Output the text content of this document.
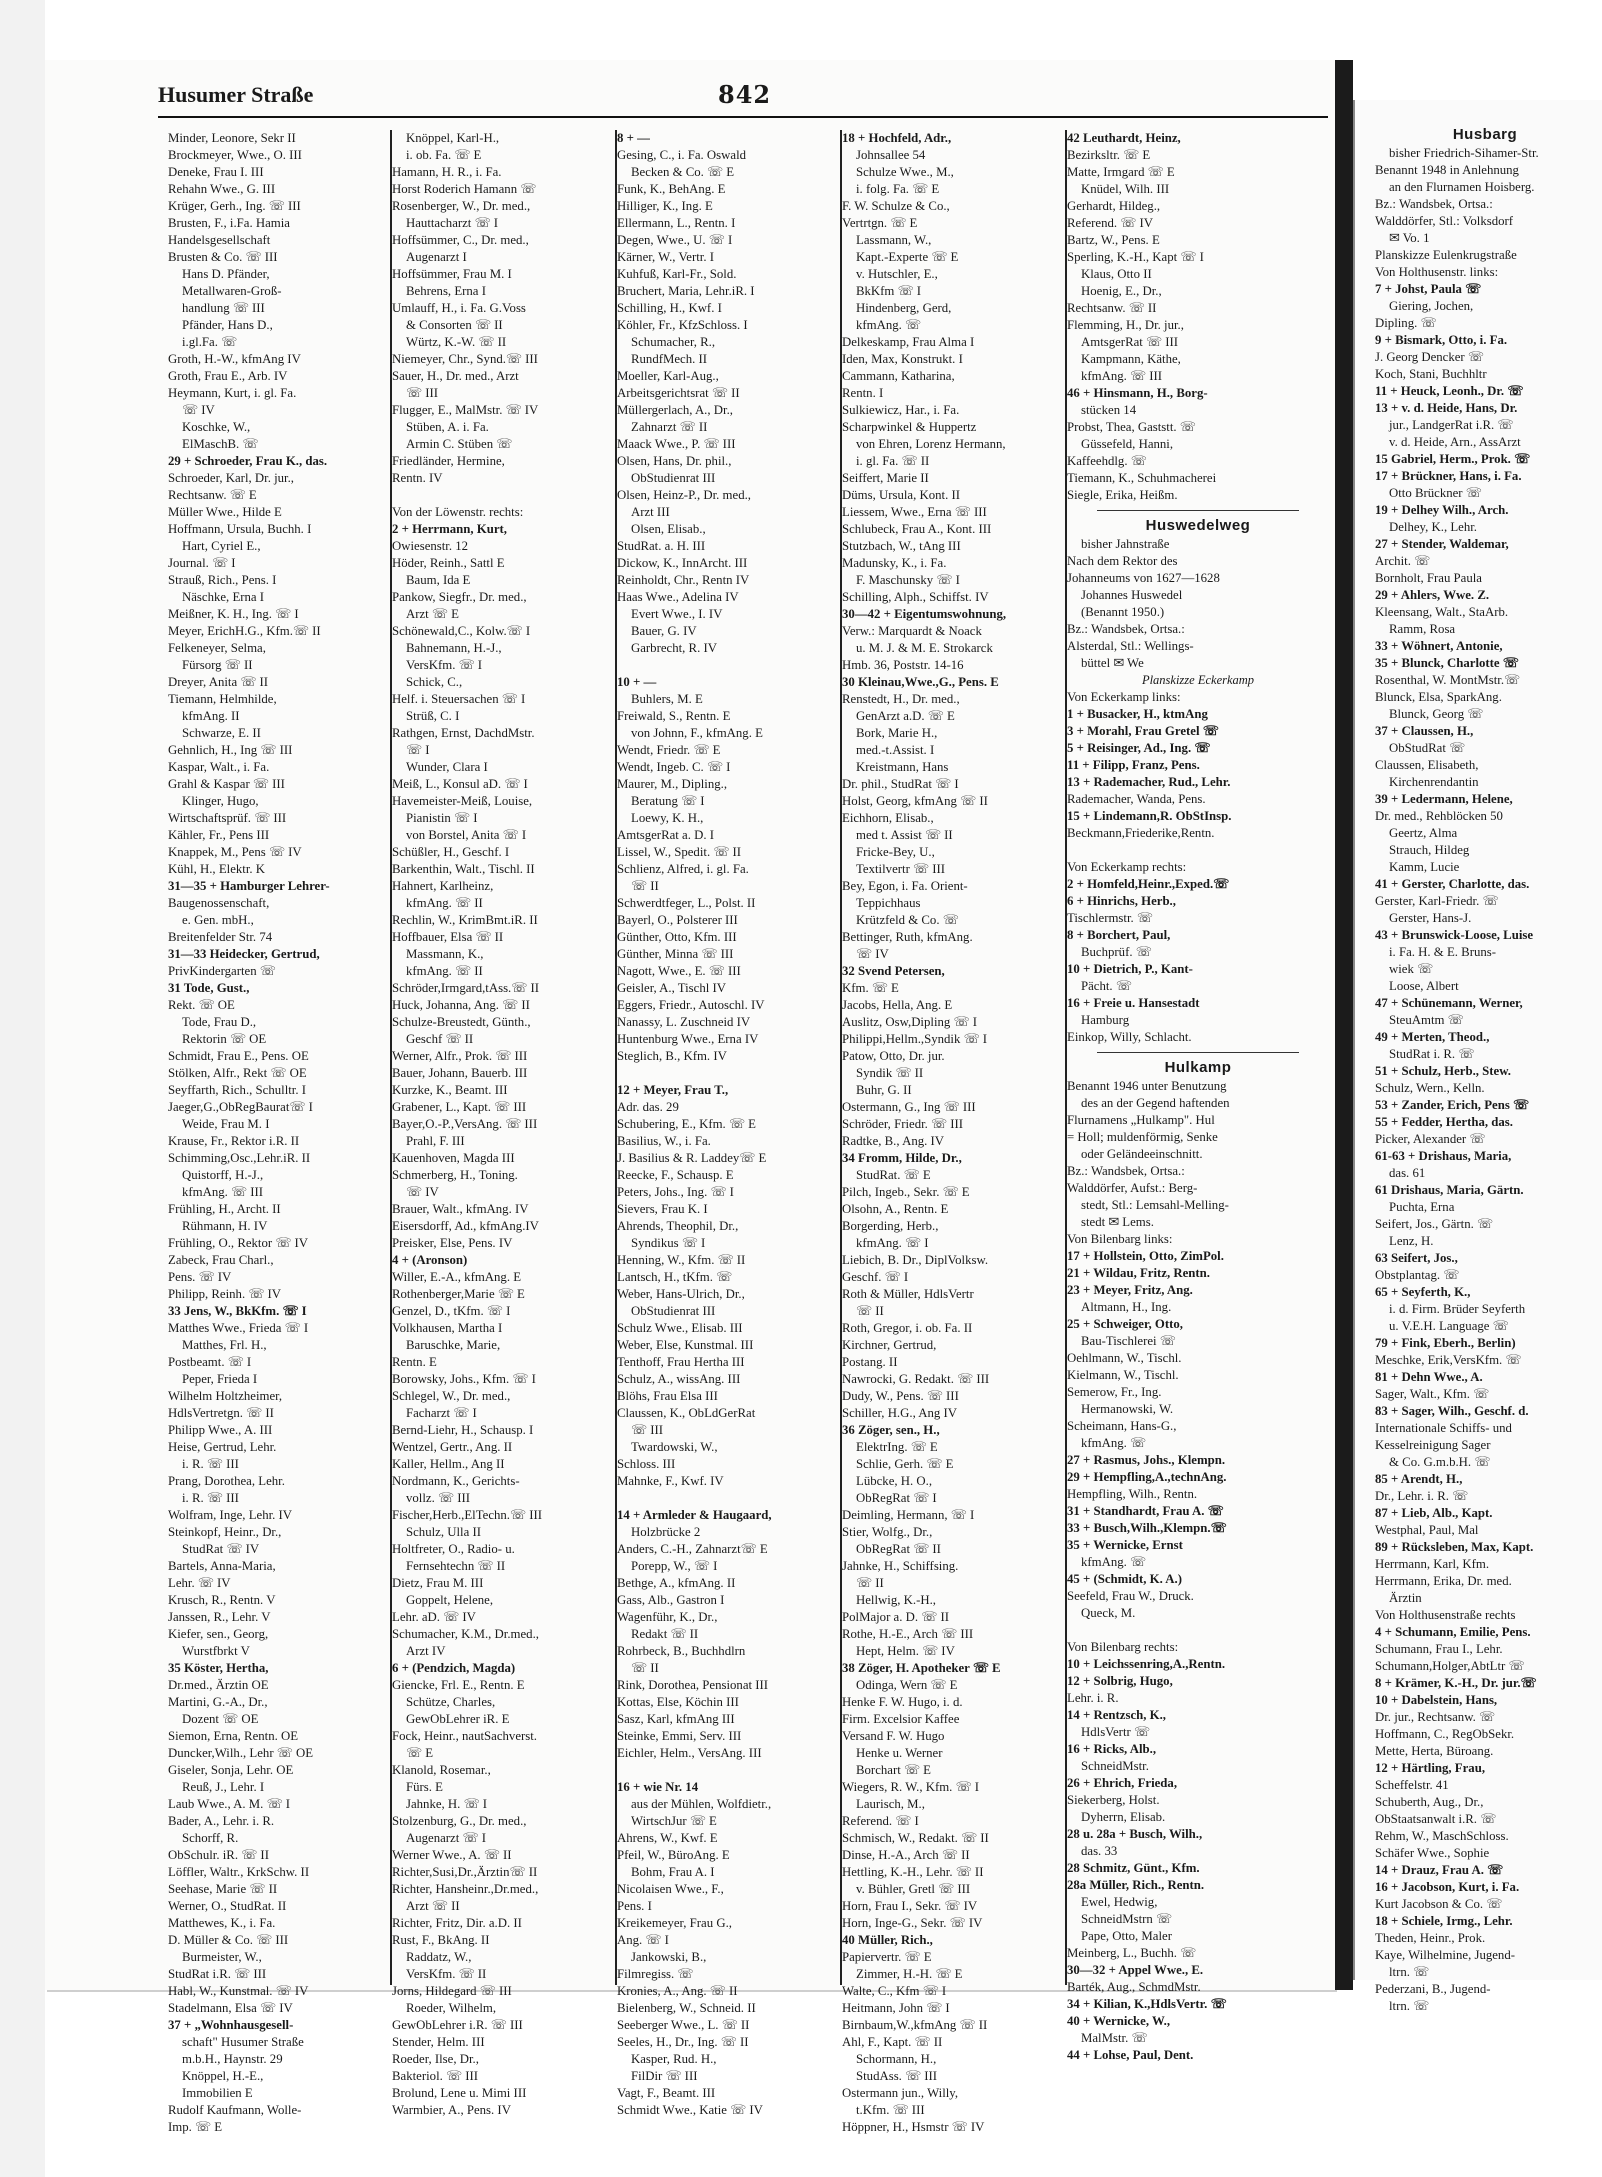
Husumer Straße	842
Minder, Leonore, Sekr II
Brockmeyer, Wwe., O. III
Deneke, Frau I. III
Rehahn Wwe., G. III
Krüger, Gerh., Ing. ☏ III
Brusten, F., i.Fa. Hamia
Handelsgesellschaft
Brusten & Co. ☏ III
Hans D. Pfänder,
Metallwaren-Groß-
handlung ☏ III
Pfänder, Hans D.,
i.gl.Fa. ☏
Groth, H.-W., kfmAng IV
Groth, Frau E., Arb. IV
Heymann, Kurt, i. gl. Fa.
☏ IV
Koschke, W.,
ElMaschB. ☏
29 + Schroeder, Frau K., das.
Schroeder, Karl, Dr. jur.,
Rechtsanw. ☏ E
Müller Wwe., Hilde E
Hoffmann, Ursula, Buchh. I
Hart, Cyriel E.,
Journal. ☏ I
Strauß, Rich., Pens. I
Näschke, Erna I
Meißner, K. H., Ing. ☏ I
Meyer, ErichH.G., Kfm.☏ II
Felkeneyer, Selma,
Fürsorg ☏ II
Dreyer, Anita ☏ II
Tiemann, Helmhilde,
kfmAng. II
Schwarze, E. II
Gehnlich, H., Ing ☏ III
Kaspar, Walt., i. Fa.
Grahl & Kaspar ☏ III
Klinger, Hugo,
Wirtschaftsprüf. ☏ III
Kähler, Fr., Pens III
Knappek, M., Pens ☏ IV
Kühl, H., Elektr. K
31—35 + Hamburger Lehrer-
Baugenossenschaft,
e. Gen. mbH.,
Breitenfelder Str. 74
31—33 Heidecker, Gertrud,
PrivKindergarten ☏
31 Tode, Gust.,
Rekt. ☏ OE
Tode, Frau D.,
Rektorin ☏ OE
Schmidt, Frau E., Pens. OE
Stölken, Alfr., Rekt ☏ OE
Seyffarth, Rich., Schulltr. I
Jaeger,G.,ObRegBaurat☏ I
Weide, Frau M. I
Krause, Fr., Rektor i.R. II
Schimming,Osc.,Lehr.iR. II
Quistorff, H.-J.,
kfmAng. ☏ III
Frühling, H., Archt. II
Rühmann, H. IV
Frühling, O., Rektor ☏ IV
Zabeck, Frau Charl.,
Pens. ☏ IV
Philipp, Reinh. ☏ IV
33 Jens, W., BkKfm. ☏ I
Matthes Wwe., Frieda ☏ I
Matthes, Frl. H.,
Postbeamt. ☏ I
Peper, Frieda I
Wilhelm Holtzheimer,
HdlsVertretgn. ☏ II
Philipp Wwe., A. III
Heise, Gertrud, Lehr.
i. R. ☏ III
Prang, Dorothea, Lehr.
i. R. ☏ III
Wolfram, Inge, Lehr. IV
Steinkopf, Heinr., Dr.,
StudRat ☏ IV
Bartels, Anna-Maria,
Lehr. ☏ IV
Krusch, R., Rentn. V
Janssen, R., Lehr. V
Kiefer, sen., Georg,
Wurstfbrkt V
35 Köster, Hertha,
Dr.med., Ärztin OE
Martini, G.-A., Dr.,
Dozent ☏ OE
Siemon, Erna, Rentn. OE
Duncker,Wilh., Lehr ☏ OE
Giseler, Sonja, Lehr. OE
Reuß, J., Lehr. I
Laub Wwe., A. M. ☏ I
Bader, A., Lehr. i. R.
Schorff, R.
ObSchulr. iR. ☏ II
Löffler, Waltr., KrkSchw. II
Seehase, Marie ☏ II
Werner, O., StudRat. II
Matthewes, K., i. Fa.
D. Müller & Co. ☏ III
Burmeister, W.,
StudRat i.R. ☏ III
Habl, W., Kunstmal. ☏ IV
Stadelmann, Elsa ☏ IV
37 + „Wohnhausgesell-
schaft" Husumer Straße
m.b.H., Haynstr. 29
Knöppel, H.-E.,
Immobilien E
Rudolf Kaufmann, Wolle-
Imp. ☏ E
Knöppel, Karl-H.,
i. ob. Fa. ☏ E
Hamann, H. R., i. Fa.
Horst Roderich Hamann ☏
Rosenberger, W., Dr. med.,
Hauttacharzt ☏ I
Hoffsümmer, C., Dr. med.,
Augenarzt I
Hoffsümmer, Frau M. I
Behrens, Erna I
Umlauff, H., i. Fa. G.Voss
& Consorten ☏ II
Würtz, K.-W. ☏ II
Niemeyer, Chr., Synd.☏ III
Sauer, H., Dr. med., Arzt
☏ III
Flugger, E., MalMstr. ☏ IV
Stüben, A. i. Fa.
Armin C. Stüben ☏
Friedländer, Hermine,
Rentn. IV

Von der Löwenstr. rechts:
2 + Herrmann, Kurt,
Owiesenstr. 12
Höder, Reinh., Sattl E
Baum, Ida E
Pankow, Siegfr., Dr. med.,
Arzt ☏ E
Schönewald,C., Kolw.☏ I
Bahnemann, H.-J.,
VersKfm. ☏ I
Schick, C.,
Helf. i. Steuersachen ☏ I
Strüß, C. I
Rathgen, Ernst, DachdMstr.
☏ I
Wunder, Clara I
Meiß, L., Konsul aD. ☏ I
Havemeister-Meiß, Louise,
Pianistin ☏ I
von Borstel, Anita ☏ I
Schüßler, H., Geschf. I
Barkenthin, Walt., Tischl. II
Hahnert, Karlheinz,
kfmAng. ☏ II
Rechlin, W., KrimBmt.iR. II
Hoffbauer, Elsa ☏ II
Massmann, K.,
kfmAng. ☏ II
Schröder,Irmgard,tAss.☏ II
Huck, Johanna, Ang. ☏ II
Schulze-Breustedt, Günth.,
Geschf ☏ II
Werner, Alfr., Prok. ☏ III
Bauer, Johann, Bauerb. III
Kurzke, K., Beamt. III
Grabener, L., Kapt. ☏ III
Bayer,O.-P.,VersAng. ☏ III
Prahl, F. III
Kauenhoven, Magda III
Schmerberg, H., Toning.
☏ IV
Brauer, Walt., kfmAng. IV
Eisersdorff, Ad., kfmAng.IV
Preisker, Else, Pens. IV
4 + (Aronson)
Willer, E.-A., kfmAng. E
Rothenberger,Marie ☏ E
Genzel, D., tKfm. ☏ I
Volkhausen, Martha I
Baruschke, Marie,
Rentn. E
Borowsky, Johs., Kfm. ☏ I
Schlegel, W., Dr. med.,
Facharzt ☏ I
Bernd-Liehr, H., Schausp. I
Wentzel, Gertr., Ang. II
Kaller, Hellm., Ang II
Nordmann, K., Gerichts-
vollz. ☏ III
Fischer,Herb.,ElTechn.☏ III
Schulz, Ulla II
Holtfreter, O., Radio- u.
Fernsehtechn ☏ II
Dietz, Frau M. III
Goppelt, Helene,
Lehr. aD. ☏ IV
Schumacher, K.M., Dr.med.,
Arzt IV
6 + (Pendzich, Magda)
Giencke, Frl. E., Rentn. E
Schütze, Charles,
GewObLehrer iR. E
Fock, Heinr., nautSachverst.
☏ E
Klanold, Rosemar.,
Fürs. E
Jahnke, H. ☏ I
Stolzenburg, G., Dr. med.,
Augenarzt ☏ I
Werner Wwe., A. ☏ II
Richter,Susi,Dr.,Ärztin☏ II
Richter, Hansheinr.,Dr.med.,
Arzt ☏ II
Richter, Fritz, Dir. a.D. II
Rust, F., BkAng. II
Raddatz, W.,
VersKfm. ☏ II
Jorns, Hildegard ☏ III
Roeder, Wilhelm,
GewObLehrer i.R. ☏ III
Stender, Helm. III
Roeder, Ilse, Dr.,
Bakteriol. ☏ III
Brolund, Lene u. Mimi III
Warmbier, A., Pens. IV
8 + —
Gesing, C., i. Fa. Oswald
Becken & Co. ☏ E
Funk, K., BehAng. E
Hilliger, K., Ing. E
Ellermann, L., Rentn. I
Degen, Wwe., U. ☏ I
Kärner, W., Vertr. I
Kuhfuß, Karl-Fr., Sold.
Bruchert, Maria, Lehr.iR. I
Schilling, H., Kwf. I
Köhler, Fr., KfzSchloss. I
Schumacher, R.,
RundfMech. II
Moeller, Karl-Aug.,
Arbeitsgerichtsrat ☏ II
Müllergerlach, A., Dr.,
Zahnarzt ☏ II
Maack Wwe., P. ☏ III
Olsen, Hans, Dr. phil.,
ObStudienrat III
Olsen, Heinz-P., Dr. med.,
Arzt III
Olsen, Elisab.,
StudRat. a. H. III
Dickow, K., InnArcht. III
Reinholdt, Chr., Rentn IV
Haas Wwe., Adelina IV
Evert Wwe., I. IV
Bauer, G. IV
Garbrecht, R. IV

10 + —
Buhlers, M. E
Freiwald, S., Rentn. E
von Johnn, F., kfmAng. E
Wendt, Friedr. ☏ E
Wendt, Ingeb. C. ☏ I
Maurer, M., Dipling.,
Beratung ☏ I
Loewy, K. H.,
AmtsgerRat a. D. I
Lissel, W., Spedit. ☏ II
Schlienz, Alfred, i. gl. Fa.
☏ II
Schwerdtfeger, L., Polst. II
Bayerl, O., Polsterer III
Günther, Otto, Kfm. III
Günther, Minna ☏ III
Nagott, Wwe., E. ☏ III
Geisler, A., Tischl IV
Eggers, Friedr., Autoschl. IV
Nanassy, L. Zuschneid IV
Huntenburg Wwe., Erna IV
Steglich, B., Kfm. IV

12 + Meyer, Frau T.,
Adr. das. 29
Schubering, E., Kfm. ☏ E
Basilius, W., i. Fa.
J. Basilius & R. Laddey☏ E
Reecke, F., Schausp. E
Peters, Johs., Ing. ☏ I
Sievers, Frau K. I
Ahrends, Theophil, Dr.,
Syndikus ☏ I
Henning, W., Kfm. ☏ II
Lantsch, H., tKfm. ☏
Weber, Hans-Ulrich, Dr.,
ObStudienrat III
Schulz Wwe., Elisab. III
Weber, Else, Kunstmal. III
Tenthoff, Frau Hertha III
Schulz, A., wissAng. III
Blöhs, Frau Elsa III
Claussen, K., ObLdGerRat
☏ III
Twardowski, W.,
Schloss. III
Mahnke, F., Kwf. IV

14 + Armleder & Haugaard,
Holzbrücke 2
Anders, C.-H., Zahnarzt☏ E
Porepp, W., ☏ I
Bethge, A., kfmAng. II
Gass, Alb., Gastron I
Wagenführ, K., Dr.,
Redakt ☏ II
Rohrbeck, B., Buchhdlrn
☏ II
Rink, Dorothea, Pensionat III
Kottas, Else, Köchin III
Sasz, Karl, kfmAng III
Steinke, Emmi, Serv. III
Eichler, Helm., VersAng. III

16 + wie Nr. 14
aus der Mühlen, Wolfdietr.,
WirtschJur ☏ E
Ahrens, W., Kwf. E
Pfeil, W., BüroAng. E
Bohm, Frau A. I
Nicolaisen Wwe., F.,
Pens. I
Kreikemeyer, Frau G.,
Ang. ☏ I
Jankowski, B.,
Filmregiss. ☏
Kronies, A., Ang. ☏ II
Bielenberg, W., Schneid. II
Seeberger Wwe., L. ☏ II
Seeles, H., Dr., Ing. ☏ II
Kasper, Rud. H.,
FilDir ☏ III
Vagt, F., Beamt. III
Schmidt Wwe., Katie ☏ IV
18 + Hochfeld, Adr.,
Johnsallee 54
Schulze Wwe., M.,
i. folg. Fa. ☏ E
F. W. Schulze & Co.,
Vertrtgn. ☏ E
Lassmann, W.,
Kapt.-Experte ☏ E
v. Hutschler, E.,
BkKfm ☏ I
Hindenberg, Gerd,
kfmAng. ☏
Delkeskamp, Frau Alma I
Iden, Max, Konstrukt. I
Cammann, Katharina,
Rentn. I
Sulkiewicz, Har., i. Fa.
Scharpwinkel & Huppertz
von Ehren, Lorenz Hermann,
i. gl. Fa. ☏ II
Seiffert, Marie II
Düms, Ursula, Kont. II
Liessem, Wwe., Erna ☏ III
Schlubeck, Frau A., Kont. III
Stutzbach, W., tAng III
Madunsky, K., i. Fa.
F. Maschunsky ☏ I
Schilling, Alph., Schiffst. IV
30—42 + Eigentumswohnung,
Verw.: Marquardt & Noack
u. M. J. & M. E. Strokarck
Hmb. 36, Poststr. 14-16
30 Kleinau,Wwe.,G., Pens. E
Renstedt, H., Dr. med.,
GenArzt a.D. ☏ E
Bork, Marie H.,
med.-t.Assist. I
Kreistmann, Hans
Dr. phil., StudRat ☏ I
Holst, Georg, kfmAng ☏ II
Eichhorn, Elisab.,
med t. Assist ☏ II
Fricke-Bey, U.,
Textilvertr ☏ III
Bey, Egon, i. Fa. Orient-
Teppichhaus
Krützfeld & Co. ☏
Bettinger, Ruth, kfmAng.
☏ IV
32 Svend Petersen,
Kfm. ☏ E
Jacobs, Hella, Ang. E
Auslitz, Osw,Dipling ☏ I
Philippi,Hellm.,Syndik ☏ I
Patow, Otto, Dr. jur.
Syndik ☏ II
Buhr, G. II
Ostermann, G., Ing ☏ III
Schröder, Friedr. ☏ III
Radtke, B., Ang. IV
34 Fromm, Hilde, Dr.,
StudRat. ☏ E
Pilch, Ingeb., Sekr. ☏ E
Olsohn, A., Rentn. E
Borgerding, Herb.,
kfmAng. ☏ I
Liebich, B. Dr., DiplVolksw.
Geschf. ☏ I
Roth & Müller, HdlsVertr
☏ II
Roth, Gregor, i. ob. Fa. II
Kirchner, Gertrud,
Postang. II
Nawrocki, G. Redakt. ☏ III
Dudy, W., Pens. ☏ III
Schiller, H.G., Ang IV
36 Zöger, sen., H.,
ElektrIng. ☏ E
Schlie, Gerh. ☏ E
Lübcke, H. O.,
ObRegRat ☏ I
Deimling, Hermann, ☏ I
Stier, Wolfg., Dr.,
ObRegRat ☏ II
Jahnke, H., Schiffsing.
☏ II
Hellwig, K.-H.,
PolMajor a. D. ☏ II
Rothe, H.-E., Arch ☏ III
Hept, Helm. ☏ IV
38 Zöger, H. Apotheker ☏ E
Odinga, Wern ☏ E
Henke F. W. Hugo, i. d.
Firm. Excelsior Kaffee
Versand F. W. Hugo
Henke u. Werner
Borchart ☏ E
Wiegers, R. W., Kfm. ☏ I
Laurisch, M.,
Referend. ☏ I
Schmisch, W., Redakt. ☏ II
Dinse, H.-A., Arch ☏ II
Hettling, K.-H., Lehr. ☏ II
v. Bühler, Gretl ☏ III
Horn, Frau I., Sekr. ☏ IV
Horn, Inge-G., Sekr. ☏ IV
40 Müller, Rich.,
Papiervertr. ☏ E
Zimmer, H.-H. ☏ E
Walte, C., Kfm ☏ I
Heitmann, John ☏ I
Birnbaum,W.,kfmAng ☏ II
Ahl, F., Kapt. ☏ II
Schormann, H.,
StudAss. ☏ III
Ostermann jun., Willy,
t.Kfm. ☏ III
Höppner, H., Hsmstr ☏ IV
42 Leuthardt, Heinz,
Bezirksltr. ☏ E
Matte, Irmgard ☏ E
Knüdel, Wilh. III
Gerhardt, Hildeg.,
Referend. ☏ IV
Bartz, W., Pens. E
Sperling, K.-H., Kapt ☏ I
Klaus, Otto II
Hoenig, E., Dr.,
Rechtsanw. ☏ II
Flemming, H., Dr. jur.,
AmtsgerRat ☏ III
Kampmann, Käthe,
kfmAng. ☏ III
46 + Hinsmann, H., Borg-
stücken 14
Probst, Thea, Gaststt. ☏
Güssefeld, Hanni,
Kaffeehdlg. ☏
Tiemann, K., Schuhmacherei
Siegle, Erika, Heißm.
Huswedelweg
bisher Jahnstraße
Nach dem Rektor des
Johanneums von 1627—1628
Johannes Huswedel
(Benannt 1950.)
Bz.: Wandsbek, Ortsa.:
Alsterdal, Stl.: Wellings-
büttel ✉ We
Planskizze Eckerkamp
Von Eckerkamp links:
1 + Busacker, H., ktmAng
3 + Morahl, Frau Gretel ☏
5 + Reisinger, Ad., Ing. ☏
11 + Filipp, Franz, Pens.
13 + Rademacher, Rud., Lehr.
Rademacher, Wanda, Pens.
15 + Lindemann,R. ObStInsp.
Beckmann,Friederike,Rentn.

Von Eckerkamp rechts:
2 + Homfeld,Heinr.,Exped.☏
6 + Hinrichs, Herb.,
Tischlermstr. ☏
8 + Borchert, Paul,
Buchprüf. ☏
10 + Dietrich, P., Kant-
Pächt. ☏
16 + Freie u. Hansestadt
Hamburg
Einkop, Willy, Schlacht.
Hulkamp
Benannt 1946 unter Benutzung
des an der Gegend haftenden
Flurnamens „Hulkamp". Hul
= Holl; muldenförmig, Senke
oder Geländeeinschnitt.
Bz.: Wandsbek, Ortsa.:
Walddörfer, Aufst.: Berg-
stedt, Stl.: Lemsahl-Melling-
stedt ✉ Lems.
Von Bilenbarg links:
17 + Hollstein, Otto, ZimPol.
21 + Wildau, Fritz, Rentn.
23 + Meyer, Fritz, Ang.
Altmann, H., Ing.
25 + Schweiger, Otto,
Bau-Tischlerei ☏
Oehlmann, W., Tischl.
Kielmann, W., Tischl.
Semerow, Fr., Ing.
Hermanowski, W.
Scheimann, Hans-G.,
kfmAng. ☏
27 + Rasmus, Johs., Klempn.
29 + Hempfling,A.,technAng.
Hempfling, Wilh., Rentn.
31 + Standhardt, Frau A. ☏
33 + Busch,Wilh.,Klempn.☏
35 + Wernicke, Ernst
kfmAng. ☏
45 + (Schmidt, K. A.)
Seefeld, Frau W., Druck.
Queck, M.

Von Bilenbarg rechts:
10 + Leichssenring,A.,Rentn.
12 + Solbrig, Hugo,
Lehr. i. R.
14 + Rentzsch, K.,
HdlsVertr ☏
16 + Ricks, Alb.,
SchneidMstr.
26 + Ehrich, Frieda,
Siekerberg, Holst.
Dyherrn, Elisab.
28 u. 28a + Busch, Wilh.,
das. 33
28 Schmitz, Günt., Kfm.
28a Müller, Rich., Rentn.
Ewel, Hedwig,
SchneidMstrn ☏
Pape, Otto, Maler
Meinberg, L., Buchh. ☏
30—32 + Appel Wwe., E.
Barték, Aug., SchmdMstr.
34 + Kilian, K.,HdlsVertr. ☏
40 + Wernicke, W.,
MalMstr. ☏
44 + Lohse, Paul, Dent.
Husbarg
bisher Friedrich-Sihamer-Str.
Benannt 1948 in Anlehnung
an den Flurnamen Hoisberg.
Bz.: Wandsbek, Ortsa.:
Walddörfer, Stl.: Volksdorf
✉ Vo. 1
Planskizze Eulenkrugstraße
Von Holthusenstr. links:
7 + Johst, Paula ☏
Giering, Jochen,
Dipling. ☏
9 + Bismark, Otto, i. Fa.
J. Georg Dencker ☏
Koch, Stani, Buchhltr
11 + Heuck, Leonh., Dr. ☏
13 + v. d. Heide, Hans, Dr.
jur., LandgerRat i.R. ☏
v. d. Heide, Arn., AssArzt
15 Gabriel, Herm., Prok. ☏
17 + Brückner, Hans, i. Fa.
Otto Brückner ☏
19 + Delhey Wilh., Arch.
Delhey, K., Lehr.
27 + Stender, Waldemar,
Archit. ☏
Bornholt, Frau Paula
29 + Ahlers, Wwe. Z.
Kleensang, Walt., StaArb.
Ramm, Rosa
33 + Wöhnert, Antonie,
35 + Blunck, Charlotte ☏
Rosenthal, W. MontMstr.☏
Blunck, Elsa, SparkAng.
Blunck, Georg ☏
37 + Claussen, H.,
ObStudRat ☏
Claussen, Elisabeth,
Kirchenrendantin
39 + Ledermann, Helene,
Dr. med., Rehblöcken 50
Geertz, Alma
Strauch, Hildeg
Kamm, Lucie
41 + Gerster, Charlotte, das.
Gerster, Karl-Friedr. ☏
Gerster, Hans-J.
43 + Brunswick-Loose, Luise
i. Fa. H. & E. Bruns-
wiek ☏
Loose, Albert
47 + Schünemann, Werner,
SteuAmtm ☏
49 + Merten, Theod.,
StudRat i. R. ☏
51 + Schulz, Herb., Stew.
Schulz, Wern., Kelln.
53 + Zander, Erich, Pens ☏
55 + Fedder, Hertha, das.
Picker, Alexander ☏
61-63 + Drishaus, Maria,
das. 61
61 Drishaus, Maria, Gärtn.
Puchta, Erna
Seifert, Jos., Gärtn. ☏
Lenz, H.
63 Seifert, Jos.,
Obstplantag. ☏
65 + Seyferth, K.,
i. d. Firm. Brüder Seyferth
u. V.E.H. Language ☏
79 + Fink, Eberh., Berlin)
Meschke, Erik,VersKfm. ☏
81 + Dehn Wwe., A.
Sager, Walt., Kfm. ☏
83 + Sager, Wilh., Geschf. d.
Internationale Schiffs- und
Kesselreinigung Sager
& Co. G.m.b.H. ☏
85 + Arendt, H.,
Dr., Lehr. i. R. ☏
87 + Lieb, Alb., Kapt.
Westphal, Paul, Mal
89 + Rücksleben, Max, Kapt.
Herrmann, Karl, Kfm.
Herrmann, Erika, Dr. med.
Ärztin
Von Holthusenstraße rechts
4 + Schumann, Emilie, Pens.
Schumann, Frau I., Lehr.
Schumann,Holger,AbtLtr ☏
8 + Krämer, K.-H., Dr. jur.☏
10 + Dabelstein, Hans,
Dr. jur., Rechtsanw. ☏
Hoffmann, C., RegObSekr.
Mette, Herta, Büroang.
12 + Härtling, Frau,
Scheffelstr. 41
Schuberth, Aug., Dr.,
ObStaatsanwalt i.R. ☏
Rehm, W., MaschSchloss.
Schäfer Wwe., Sophie
14 + Drauz, Frau A. ☏
16 + Jacobson, Kurt, i. Fa.
Kurt Jacobson & Co. ☏
18 + Schiele, Irmg., Lehr.
Theden, Heinr., Prok.
Kaye, Wilhelmine, Jugend-
ltrn. ☏
Pederzani, B., Jugend-
ltrn. ☏
